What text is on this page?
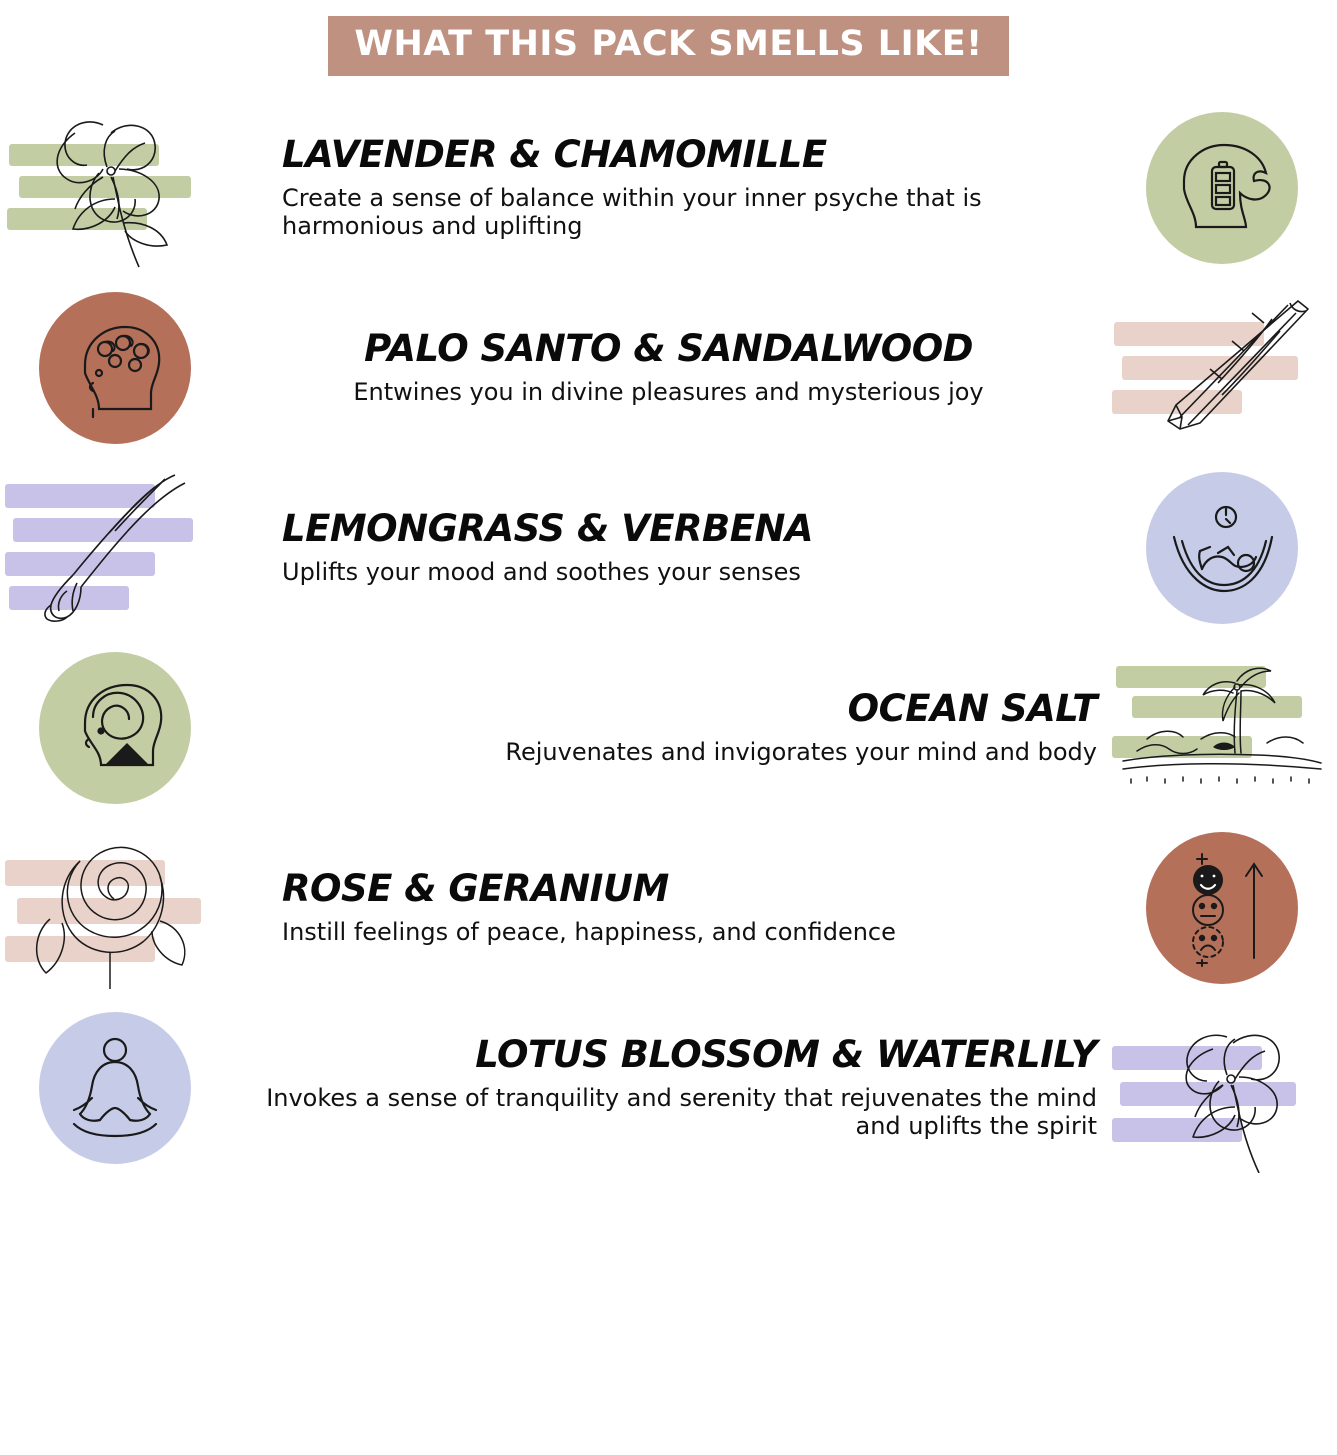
WHAT THIS PACK SMELLS LIKE!

LAVENDER & CHAMOMILLE

Create a sense of balance within your inner psyche that is harmonious and uplifting

PALO SANTO & SANDALWOOD

Entwines you in divine pleasures and mysterious joy

LEMONGRASS & VERBENA

Uplifts your mood and soothes your senses

OCEAN SALT

Rejuvenates and invigorates your mind and body

ROSE & GERANIUM

Instill feelings of peace, happiness, and confidence

LOTUS BLOSSOM & WATERLILY

Invokes a sense of tranquility and serenity that rejuvenates the mind and uplifts the spirit
